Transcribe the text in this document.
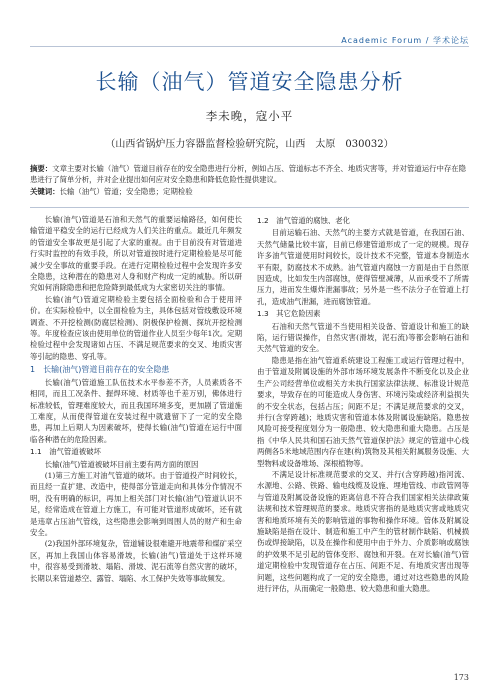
Academic Forum / 学术论坛
长输（油气）管道安全隐患分析
李未晚，寇小平
（山西省锅炉压力容器监督检验研究院，山西　太原　030032）
摘要：文章主要对长输（油气）管道目前存在的安全隐患进行分析，例如占压、管道标志不齐全、地质灾害等，并对管道运行中存在隐患进行了简单分析，并对企业提出如何应对安全隐患和降低危险性提供建议。
关键词：长输（油气）管道；安全隐患；定期检验

长输(油气)管道是石油和天然气的重要运输路径，如何使长输管道平稳安全的运行已经成为人们关注的重点。最近几年频发的管道安全事故更是引起了大家的重视。由于目前没有对管道进行实时监控的有效手段，所以对管道按时进行定期检验是尽可能减少安全事故的重要手段。在进行定期检验过程中会发现许多安全隐患，这种潜在的隐患对人身和财产构成一定的威胁。所以研究如何消除隐患和把危险降到最低成为大家密切关注的事情。

长输(油气)管道定期检验主要包括全面检验和合于使用评价。在实际检验中，以全面检验为主，具体包括对管线敷设环境调查、不开挖检测(防腐层检测)、阴极保护检测、探坑开挖检测等。年度检查应该由使用单位的管道作业人员至少每年1次。定期检验过程中会发现诸如占压、不满足规范要求的交叉、地质灾害等引起的隐患、穿孔等。

1　长输(油气)管道目前存在的安全隐患

长输(油气)管道施工队伍技术水平参差不齐，人员素质各不相同，而且工况条件、握焊环境、材质等也千差万别，佛体进行标准较低，管理难度较大，而且我国环境多变，更加剧了管道施工难度，从而使得管道在安装过程中就遗留下了一定的安全隐患，再加上后期人为因素破坏，使得长输(油气)管道在运行中面临各种潜在的危险因素。

1.1　油气管道被破坏

长输(油气)管道被破坏目前主要有两方面的原因

(1)第三方施工对油气管道的破坏。由于管道投产时间较长，而且经一直扩建、改造中，使得部分管道走向和具体分作情况不明，没有明确的标识，再加上相关部门对长输(油气)管道认识不足，经常造成在管道上方施工，有可能对管道形成破坏，还有就是违章占压油气管线，这些隐患会影响到周围人员的财产和生命安全。

(2)我国外部环境复杂，管道辅设很难避开地震带和煤矿采空区，再加上我国山体容易滑坡，长输(油气)管道处于这样环境中，很容易受到滑坡、塌陷、滑坡、泥石流等自然灾害的破坏，长期以来管道悬空、露管、塌陷、水工保护失效等事故频发。

1.2　油气管道的腐蚀、老化

目前运输石油、天然气的主要方式就是管道，在我国石油、天然气储量比较丰富，目前已修建管道形成了一定的规模。现存许多油气管道使用时间较长，设计技术不完整，管道本身制造水平有限，防腐技术不成熟。油气管道内腐蚀一方面是由于自然原因造成，比如发生内部腐蚀，使得管壁减薄，从而承受不了所需压力，进而发生爆炸泄漏事故；另外是一些不法分子在管道上打孔，造成油气泄漏，进而腐蚀管道。

1.3　其它危险因素

石油和天然气管道不当使用相关设备、管道设计和施工的缺陷，运行错误操作，自然灾害(滑坡，泥石流)等都会影响石油和天然气管道的安全。

隐患是指在油气管道系统建设工程施工或运行管理过程中，由于管道及附属设施的外部市场环境发展条件不断变化以及企业生产公司经营单位或相关方未执行国家法律法规、标准设计规范要求，导致存在的可能造成人身伤害、环境污染或经济利益损失的不安全状态，包括占压；间距不足；不满足规范要求的交叉，并行(含穿跨越)；地质灾害和管道本体及附属设施缺陷。隐患按风险可接受程度划分为一般隐患、较大隐患和重大隐患。占压是指《中华人民共和国石油天然气管道保护法》规定的管道中心线两侧各5米地域范围内存在建(构)筑物及其相关附属服务设施、大型物料或设备堆场、深根植物等。

不满足设计标准规范要求的交叉、并行(含穿跨越)指河流、水源地、公路、铁路、输电线缆及设施、埋地管线、市政管网等与管道及附属设备设施的距离信息不符合我们国家相关法律政策法规和技术管理规范的要求。地质灾害指的是地质灾害或地质灾害和地质环境有关的影响管道的事物和操作环境。管体及附属设施缺陷是指在设计、制造和施工中产生的管材制作缺陷、机械损伤或焊接缺陷，以及在操作和使用中由于外力、介质影响或腐蚀的护效果不足引起的管体变形、腐蚀和开裂。在对长输(油气)管道定期检验中发现管道存在占压、间距不足、有地质灾害出现等问题，这些问题构成了一定的安全隐患，通过对这些隐患的风险进行评估，从而确定一般隐患、较大隐患和重大隐患。

173
